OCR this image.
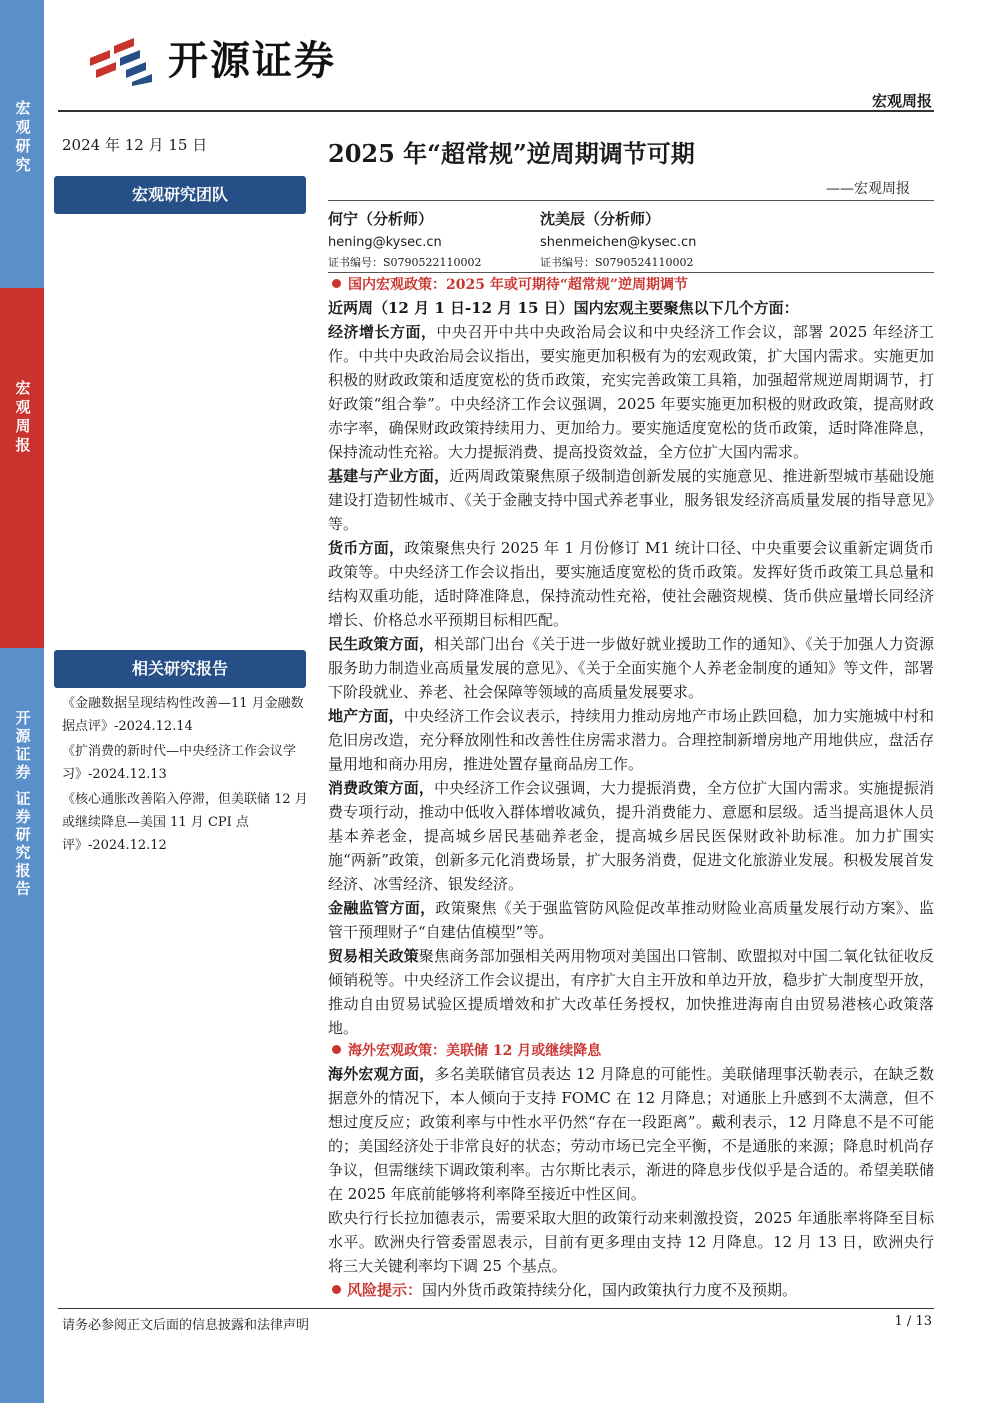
宏观研究
宏观周报
开源证券 证券研究报告
开源证券
宏观周报
2024 年 12 月 15 日	2025 年“超常规”逆周期调节可期
——宏观周报
宏观研究团队
何宁（分析师）
hening@kysec.cn
证书编号：S0790522110002
沈美辰（分析师）
shenmeichen@kysec.cn
证书编号：S0790524110002
相关研究报告

《金融数据呈现结构性改善—11 月金融数据点评》-2024.12.14

《扩消费的新时代—中央经济工作会议学习》-2024.12.13

《核心通胀改善陷入停滞，但美联储 12 月或继续降息—美国 11 月 CPI 点评》-2024.12.12

国内宏观政策：2025 年或可期待“超常规”逆周期调节

近两周（12 月 1 日-12 月 15 日）国内宏观主要聚焦以下几个方面：

经济增长方面，中央召开中共中央政治局会议和中央经济工作会议，部署 2025 年经济工作。中共中央政治局会议指出，要实施更加积极有为的宏观政策，扩大国内需求。实施更加积极的财政政策和适度宽松的货币政策，充实完善政策工具箱，加强超常规逆周期调节，打好政策“组合拳”。中央经济工作会议强调，2025 年要实施更加积极的财政政策，提高财政赤字率，确保财政政策持续用力、更加给力。要实施适度宽松的货币政策，适时降准降息，保持流动性充裕。大力提振消费、提高投资效益，全方位扩大国内需求。

基建与产业方面，近两周政策聚焦原子级制造创新发展的实施意见、推进新型城市基础设施建设打造韧性城市、《关于金融支持中国式养老事业，服务银发经济高质量发展的指导意见》等。

货币方面，政策聚焦央行 2025 年 1 月份修订 M1 统计口径、中央重要会议重新定调货币政策等。中央经济工作会议指出，要实施适度宽松的货币政策。发挥好货币政策工具总量和结构双重功能，适时降准降息，保持流动性充裕，使社会融资规模、货币供应量增长同经济增长、价格总水平预期目标相匹配。

民生政策方面，相关部门出台《关于进一步做好就业援助工作的通知》、《关于加强人力资源服务助力制造业高质量发展的意见》、《关于全面实施个人养老金制度的通知》等文件，部署下阶段就业、养老、社会保障等领域的高质量发展要求。

地产方面，中央经济工作会议表示，持续用力推动房地产市场止跌回稳，加力实施城中村和危旧房改造，充分释放刚性和改善性住房需求潜力。合理控制新增房地产用地供应，盘活存量用地和商办用房，推进处置存量商品房工作。

消费政策方面，中央经济工作会议强调，大力提振消费，全方位扩大国内需求。实施提振消费专项行动，推动中低收入群体增收减负，提升消费能力、意愿和层级。适当提高退休人员基本养老金，提高城乡居民基础养老金，提高城乡居民医保财政补助标准。加力扩围实施“两新”政策，创新多元化消费场景，扩大服务消费，促进文化旅游业发展。积极发展首发经济、冰雪经济、银发经济。

金融监管方面，政策聚焦《关于强监管防风险促改革推动财险业高质量发展行动方案》、监管干预理财子“自建估值模型”等。

贸易相关政策聚焦商务部加强相关两用物项对美国出口管制、欧盟拟对中国二氧化钛征收反倾销税等。中央经济工作会议提出，有序扩大自主开放和单边开放，稳步扩大制度型开放，推动自由贸易试验区提质增效和扩大改革任务授权，加快推进海南自由贸易港核心政策落地。

海外宏观政策：美联储 12 月或继续降息

海外宏观方面，多名美联储官员表达 12 月降息的可能性。美联储理事沃勒表示，在缺乏数据意外的情况下，本人倾向于支持 FOMC 在 12 月降息；对通胀上升感到不太满意，但不想过度反应；政策利率与中性水平仍然“存在一段距离”。戴利表示，12 月降息不是不可能的；美国经济处于非常良好的状态；劳动市场已完全平衡，不是通胀的来源；降息时机尚存争议，但需继续下调政策利率。古尔斯比表示，渐进的降息步伐似乎是合适的。希望美联储在 2025 年底前能够将利率降至接近中性区间。

欧央行行长拉加德表示，需要采取大胆的政策行动来刺激投资，2025 年通胀率将降至目标水平。欧洲央行管委雷恩表示，目前有更多理由支持 12 月降息。12 月 13 日，欧洲央行将三大关键利率均下调 25 个基点。

风险提示：国内外货币政策持续分化，国内政策执行力度不及预期。

请务必参阅正文后面的信息披露和法律声明	1 / 13
